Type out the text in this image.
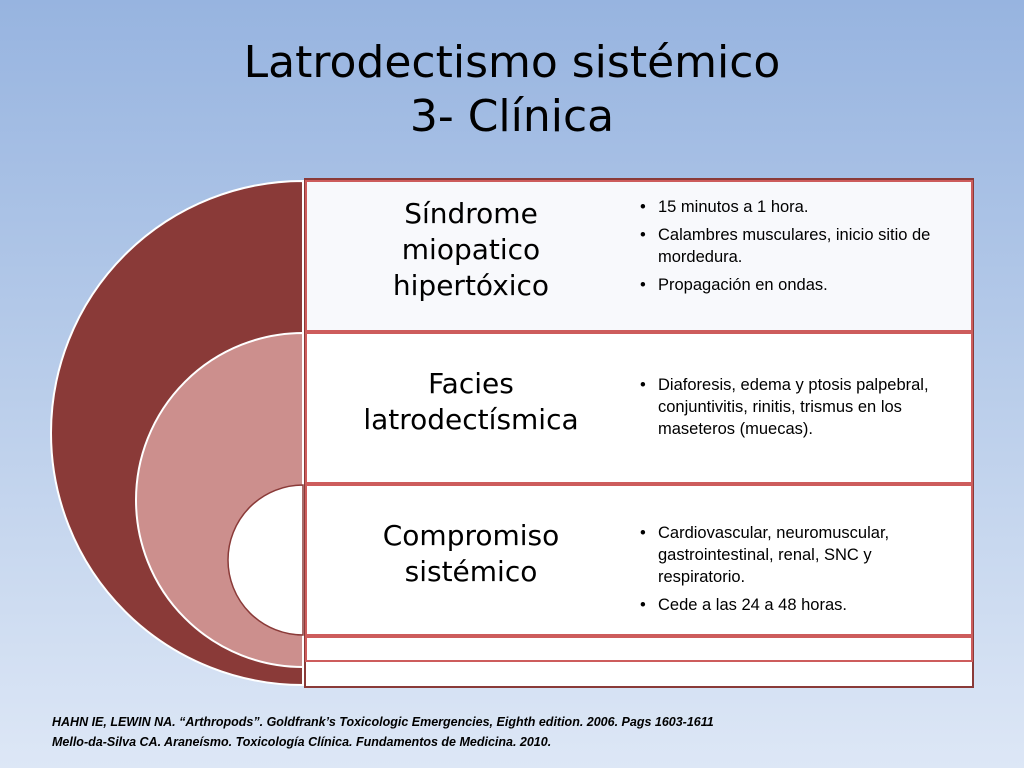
Latrodectismo sistémico
3- Clínica
Síndrome
miopatico
hipertóxico
• 15 minutos a 1 hora.
• Calambres musculares, inicio sitio de mordedura.
• Propagación en ondas.
Facies
latrodectísmica
• Diaforesis, edema y ptosis palpebral, conjuntivitis, rinitis, trismus en los maseteros (muecas).
Compromiso
sistémico
• Cardiovascular, neuromuscular, gastrointestinal, renal, SNC y respiratorio.
• Cede a las 24 a 48 horas.
HAHN IE, LEWIN NA. “Arthropods”. Goldfrank’s Toxicologic Emergencies, Eighth edition. 2006. Pags 1603-1611
Mello-da-Silva CA. Araneísmo. Toxicología Clínica. Fundamentos de Medicina. 2010.
